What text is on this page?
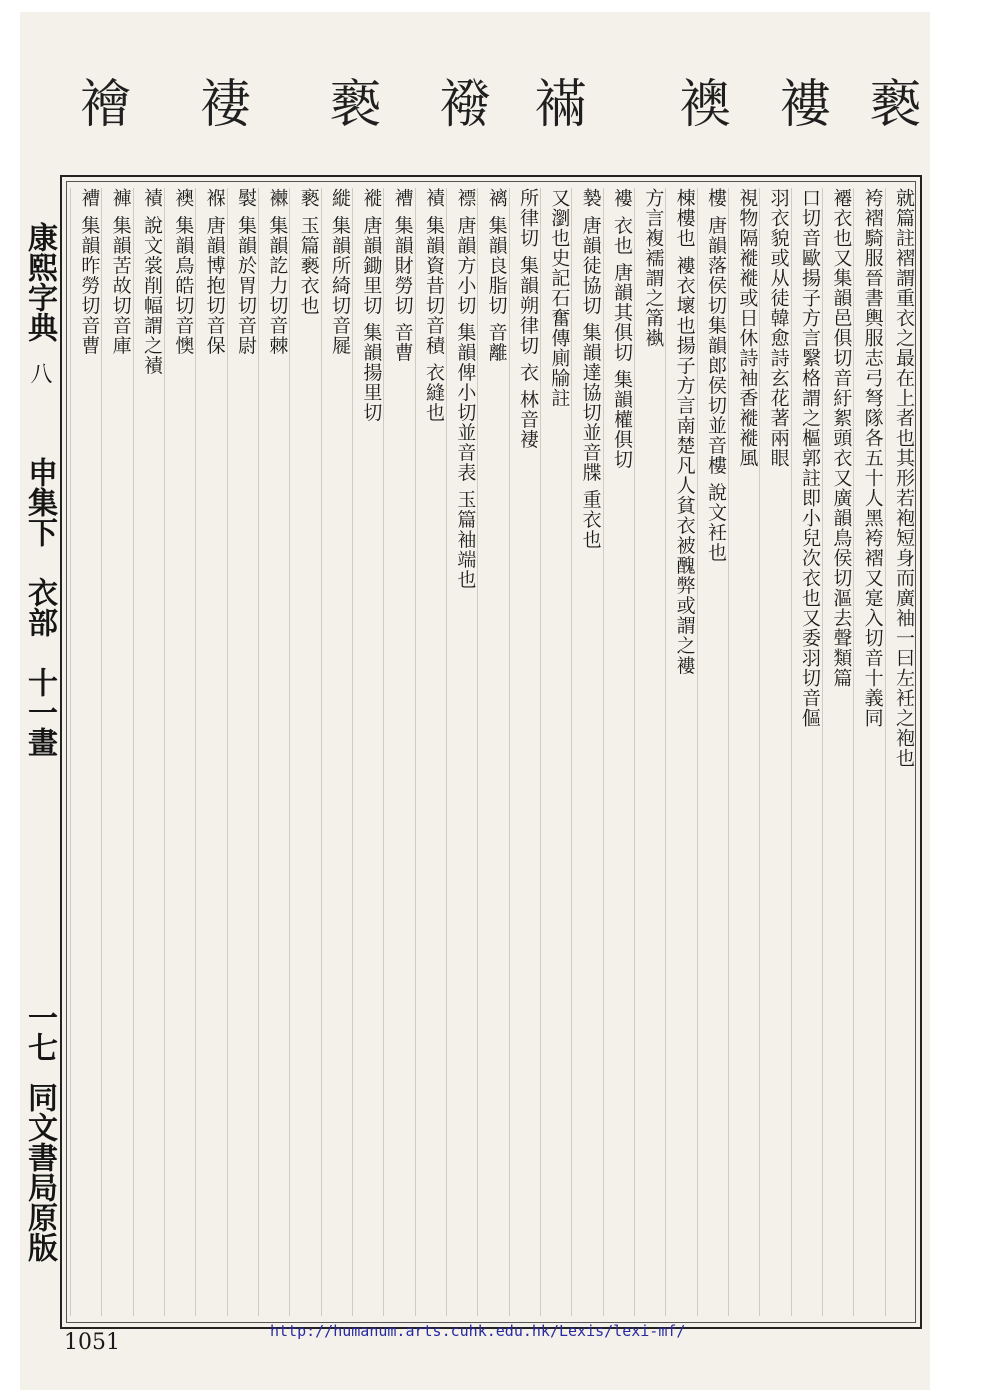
襘 褄 褻 襏 襔 襖 褸 褻
康熙字典
八
申集下
衣部
十一畫
一七
同文書局原版
就篇註褶謂重衣之最在上者也其形若袍短身而廣袖一曰左衽之袍也
袴褶騎服晉書輿服志弓弩隊各五十人黑袴褶又寔入切音十義同
褼衣也又集韻邑俱切音紆絮頭衣又廣韻鳥侯切漚去聲類篇
口切音歐揚子方言繄格謂之樞郭註即小兒次衣也又委羽切音傴
羽衣貌或从徒韓愈詩玄花著兩眼
視物隔褷褷或日休詩袖香褷褷風
樓 唐韻落侯切集韻郎侯切並音樓 說文衽也
棟樓也 褸衣壞也揚子方言南楚凡人貧衣被醜弊或謂之褸
方言複襦謂之筩褹
褸 衣也 唐韻其俱切 集韻權俱切
褺 唐韻徒協切 集韻達協切並音牒 重衣也
又瀏也史記石奮傳廁牏註
所律切 集韻朔律切 衣 林音褄
褵 集韻良脂切 音離
褾 唐韻方小切 集韻俾小切並音表 玉篇袖端也
襀 集韻資昔切音積 衣縫也
褿 集韻財勞切 音曹
褷 唐韻鋤里切 集韻揚里切
縰 集韻所綺切音屣
褻 玉篇褻衣也
襋 集韻訖力切音棘
褽 集韻於胃切音尉
褓 唐韻博抱切音保
襖 集韻鳥皓切音懊
襀 說文裳削幅謂之襀
褲 集韻苦故切音庫
褿 集韻昨勞切音曹
1051	http://humanum.arts.cuhk.edu.hk/Lexis/lexi-mf/
